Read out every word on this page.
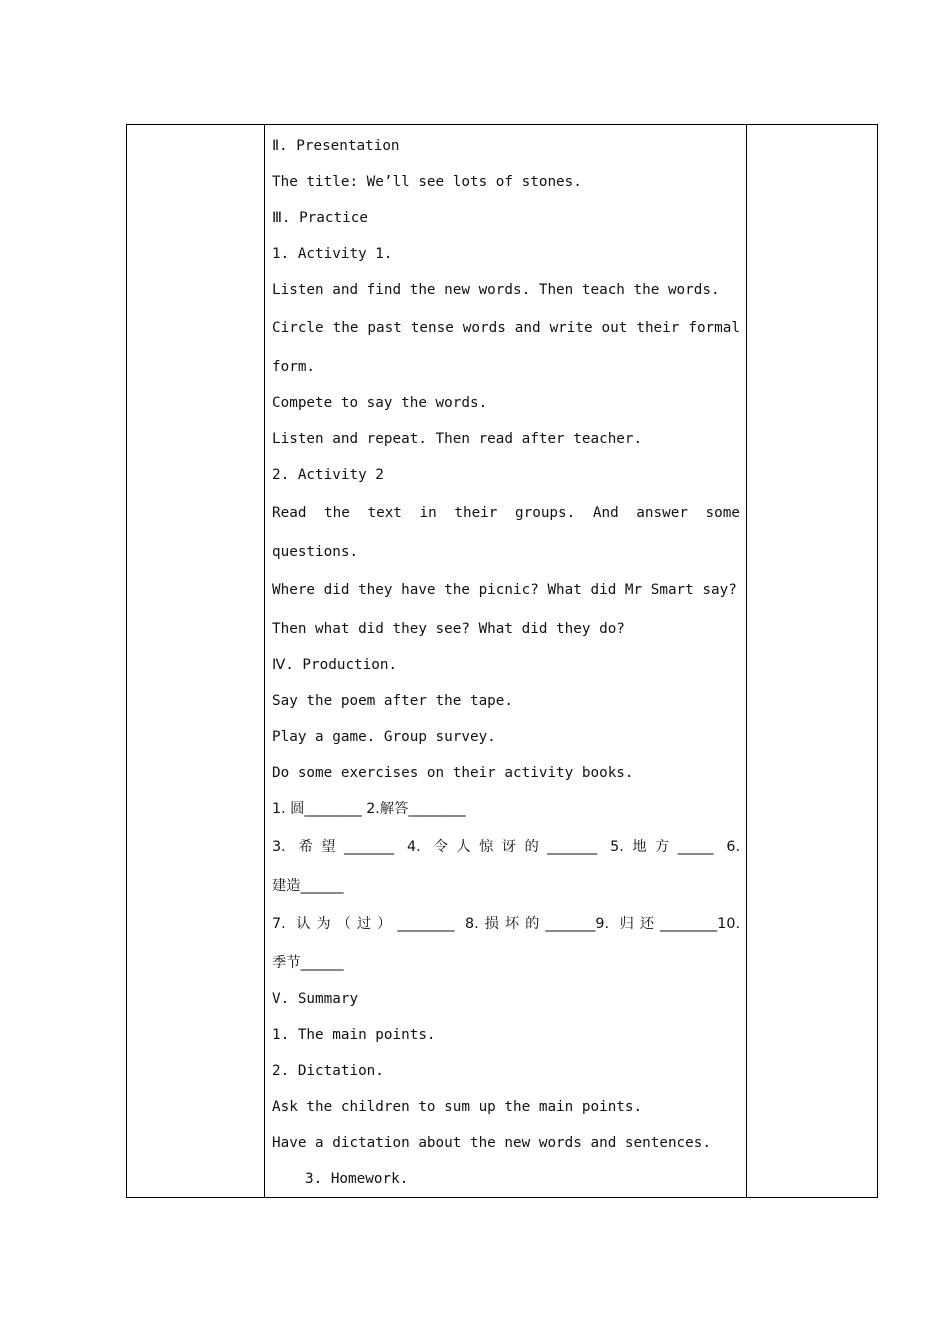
Ⅱ. Presentation
The title: We’ll see lots of stones.
Ⅲ. Practice
1. Activity 1.
Listen and find the new words. Then teach the words.
Circle the past tense words and write out their formal
form.
Compete to say the words.
Listen and repeat. Then read after teacher.
2. Activity 2
Read the text in their groups. And answer some
questions.
Where did they have the picnic? What did Mr Smart say?
Then what did they see? What did they do?
Ⅳ. Production.
Say the poem after the tape.
Play a game. Group survey.
Do some exercises on their activity books.
1. 圆________ 2.解答________
3. 希望_______ 4. 令人惊讶的_______ 5.地方_____ 6.
建造______
7. 认为（过）________ 8.损坏的_______9. 归还________10.
季节______
V. Summary
1. The main points.
2. Dictation.
Ask the children to sum up the main points.
Have a dictation about the new words and sentences.
3. Homework.
